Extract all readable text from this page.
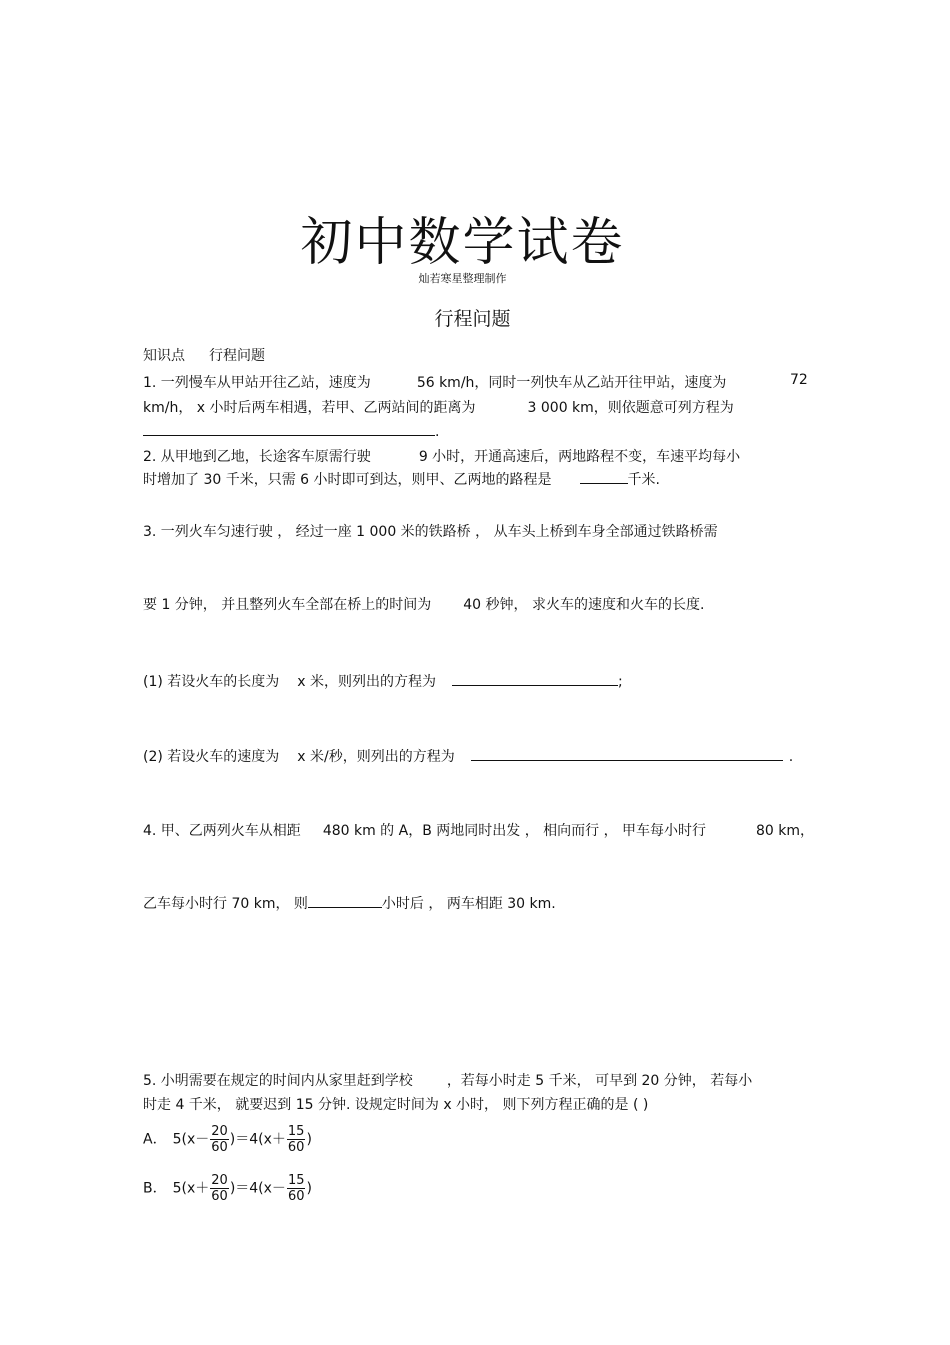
初中数学试卷
灿若寒星整理制作
行程问题
知识点 行程问题
1. 一列慢车从甲站开往乙站，速度为	56 km/h，同时一列快车从乙站开往甲站，速度为	72
km/h， x 小时后两车相遇，若甲、乙两站间的距离为	3 000 km，则依题意可列方程为
.
2. 从甲地到乙地，长途客车原需行驶	9 小时，开通高速后，两地路程不变，车速平均每小
时增加了 30 千米，只需 6 小时即可到达，则甲、乙两地的路程是	千米.
3. 一列火车匀速行驶 ， 经过一座 1 000 米的铁路桥 ， 从车头上桥到车身全部通过铁路桥需
要 1 分钟， 并且整列火车全部在桥上的时间为 40 秒钟， 求火车的速度和火车的长度.
(1) 若设火车的长度为 x 米，则列出的方程为	;
(2) 若设火车的速度为 x 米/秒，则列出的方程为	.
4. 甲、乙两列火车从相距 480 km 的 A，B 两地同时出发 ， 相向而行 ， 甲车每小时行	80 km，
乙车每小时行 70 km， 则	小时后 ， 两车相距 30 km.
5. 小明需要在规定的时间内从家里赶到学校 ，若每小时走 5 千米， 可早到 20 分钟， 若每小
时走 4 千米， 就要迟到 15 分钟. 设规定时间为 x 小时， 则下列方程正确的是 ( )
A． $5(x- \frac{20}{60} )=4(x+ \frac{15}{60}$ )
B． $5(x+ \frac{20}{60} )=4(x- \frac{15}{60}$ )
